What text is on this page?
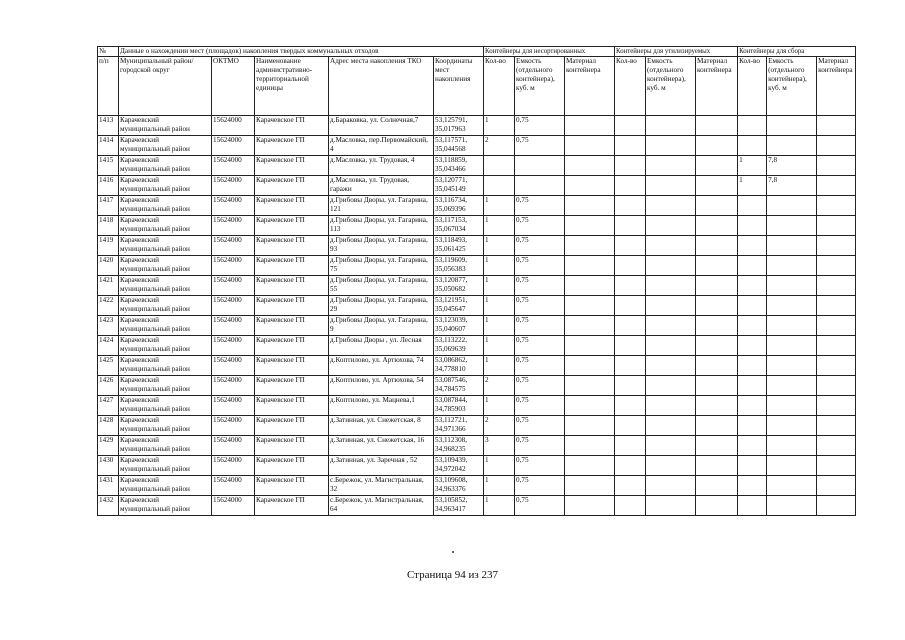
№	Данные о нахождении мест (площадок) накопления твердых коммунальных отходов					Контейнеры для несортированных			Контейнеры для утилизируемых			Контейнеры для сбора		
п/п	Муниципальный район/городской округ	ОКТМО	Наименование административно-территориальной единицы	Адрес места накопления ТКО	Координаты мест накопления	Кол-во	Емкость (отдельного контейнера), куб. м	Материал контейнера	Кол-во	Емкость (отдельного контейнера), куб. м	Материал контейнера	Кол-во	Емкость (отдельного контейнера), куб. м	Материал контейнера
1413	Карачевский муниципальный район	15624000	Карачевское ГП	д.Бараковка, ул. Солнечная,7	53,125791, 35,017963	1	0,75							
1414	Карачевский муниципальный район	15624000	Карачевское ГП	д.Масловка, пер.Первомайский, 4	53,117571, 35,044568	2	0,75							
1415	Карачевский муниципальный район	15624000	Карачевское ГП	д.Масловка, ул. Трудовая, 4	53,118859, 35,043466							1	7,8	
1416	Карачевский муниципальный район	15624000	Карачевское ГП	д.Масловка, ул. Трудовая, гаражи	53,120771, 35,045149							1	7,8	
1417	Карачевский муниципальный район	15624000	Карачевское ГП	д.Грибовы Дворы, ул. Гагарина, 121	53,116734, 35,069396	1	0,75							
1418	Карачевский муниципальный район	15624000	Карачевское ГП	д.Грибовы Дворы, ул. Гагарина, 113	53,117153, 35,067034	1	0,75							
1419	Карачевский муниципальный район	15624000	Карачевское ГП	д.Грибовы Дворы, ул. Гагарина, 93	53,118493, 35,061425	1	0,75							
1420	Карачевский муниципальный район	15624000	Карачевское ГП	д.Грибовы Дворы, ул. Гагарина, 75	53,119609, 35,056383	1	0,75							
1421	Карачевский муниципальный район	15624000	Карачевское ГП	д.Грибовы Дворы, ул. Гагарина, 55	53,120877, 35,050682	1	0,75							
1422	Карачевский муниципальный район	15624000	Карачевское ГП	д.Грибовы Дворы, ул. Гагарина, 29	53,121951, 35,045647	1	0,75							
1423	Карачевский муниципальный район	15624000	Карачевское ГП	д.Грибовы Дворы, ул. Гагарина, 9	53,123039, 35,040607	1	0,75							
1424	Карачевский муниципальный район	15624000	Карачевское ГП	д.Грибовы Дворы , ул. Лесная	53,113222, 35,069639	1	0,75							
1425	Карачевский муниципальный район	15624000	Карачевское ГП	д.Коптилово, ул. Артюхова, 74	53,086862, 34,778810	1	0,75							
1426	Карачевский муниципальный район	15624000	Карачевское ГП	д.Коптилово, ул. Артюхова, 54	53,087546, 34,784575	2	0,75							
1427	Карачевский муниципальный район	15624000	Карачевское ГП	д.Коптилово, ул. Мацнева,1	53,087844, 34,785903	1	0,75							
1428	Карачевский муниципальный район	15624000	Карачевское ГП	д.Затинная, ул. Снежетская, 8	53,112721, 34,971366	2	0,75							
1429	Карачевский муниципальный район	15624000	Карачевское ГП	д.Затинная, ул. Снежетская, 16	53,112308, 34,968235	3	0,75							
1430	Карачевский муниципальный район	15624000	Карачевское ГП	д.Затинная, ул. Заречная , 52	53,109439, 34,972042	1	0,75							
1431	Карачевский муниципальный район	15624000	Карачевское ГП	с.Бережок, ул. Магистральная, 32	53,109608, 34,963376	1	0,75							
1432	Карачевский муниципальный район	15624000	Карачевское ГП	с.Бережок, ул. Магистральная, 64	53,105852, 34,963417	1	0,75							
Страница 94 из 237
